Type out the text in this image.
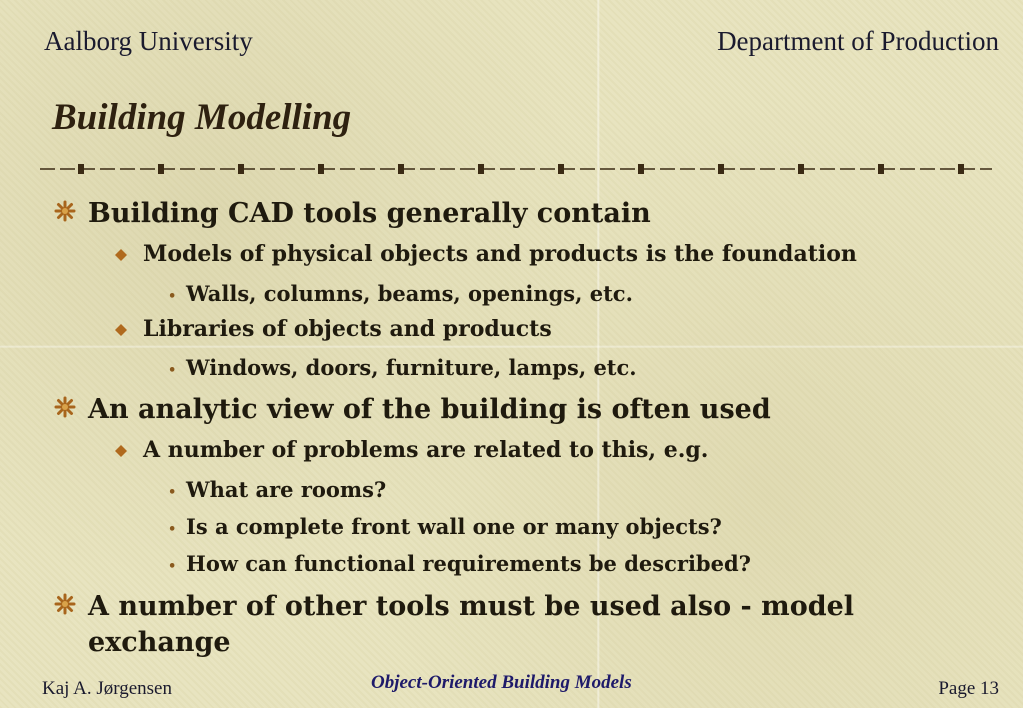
Aalborg University	Department of Production
Building Modelling
Building CAD tools generally contain
Models of physical objects and products is the foundation
• Walls, columns, beams, openings, etc.
Libraries of objects and products
• Windows, doors, furniture, lamps, etc.
An analytic view of the building is often used
A number of problems are related to this, e.g.
• What are rooms?
• Is a complete front wall one or many objects?
• How can functional requirements be described?
A number of other tools must be used also - model exchange
Kaj A. Jørgensen	Object-Oriented Building Models	Page 13
